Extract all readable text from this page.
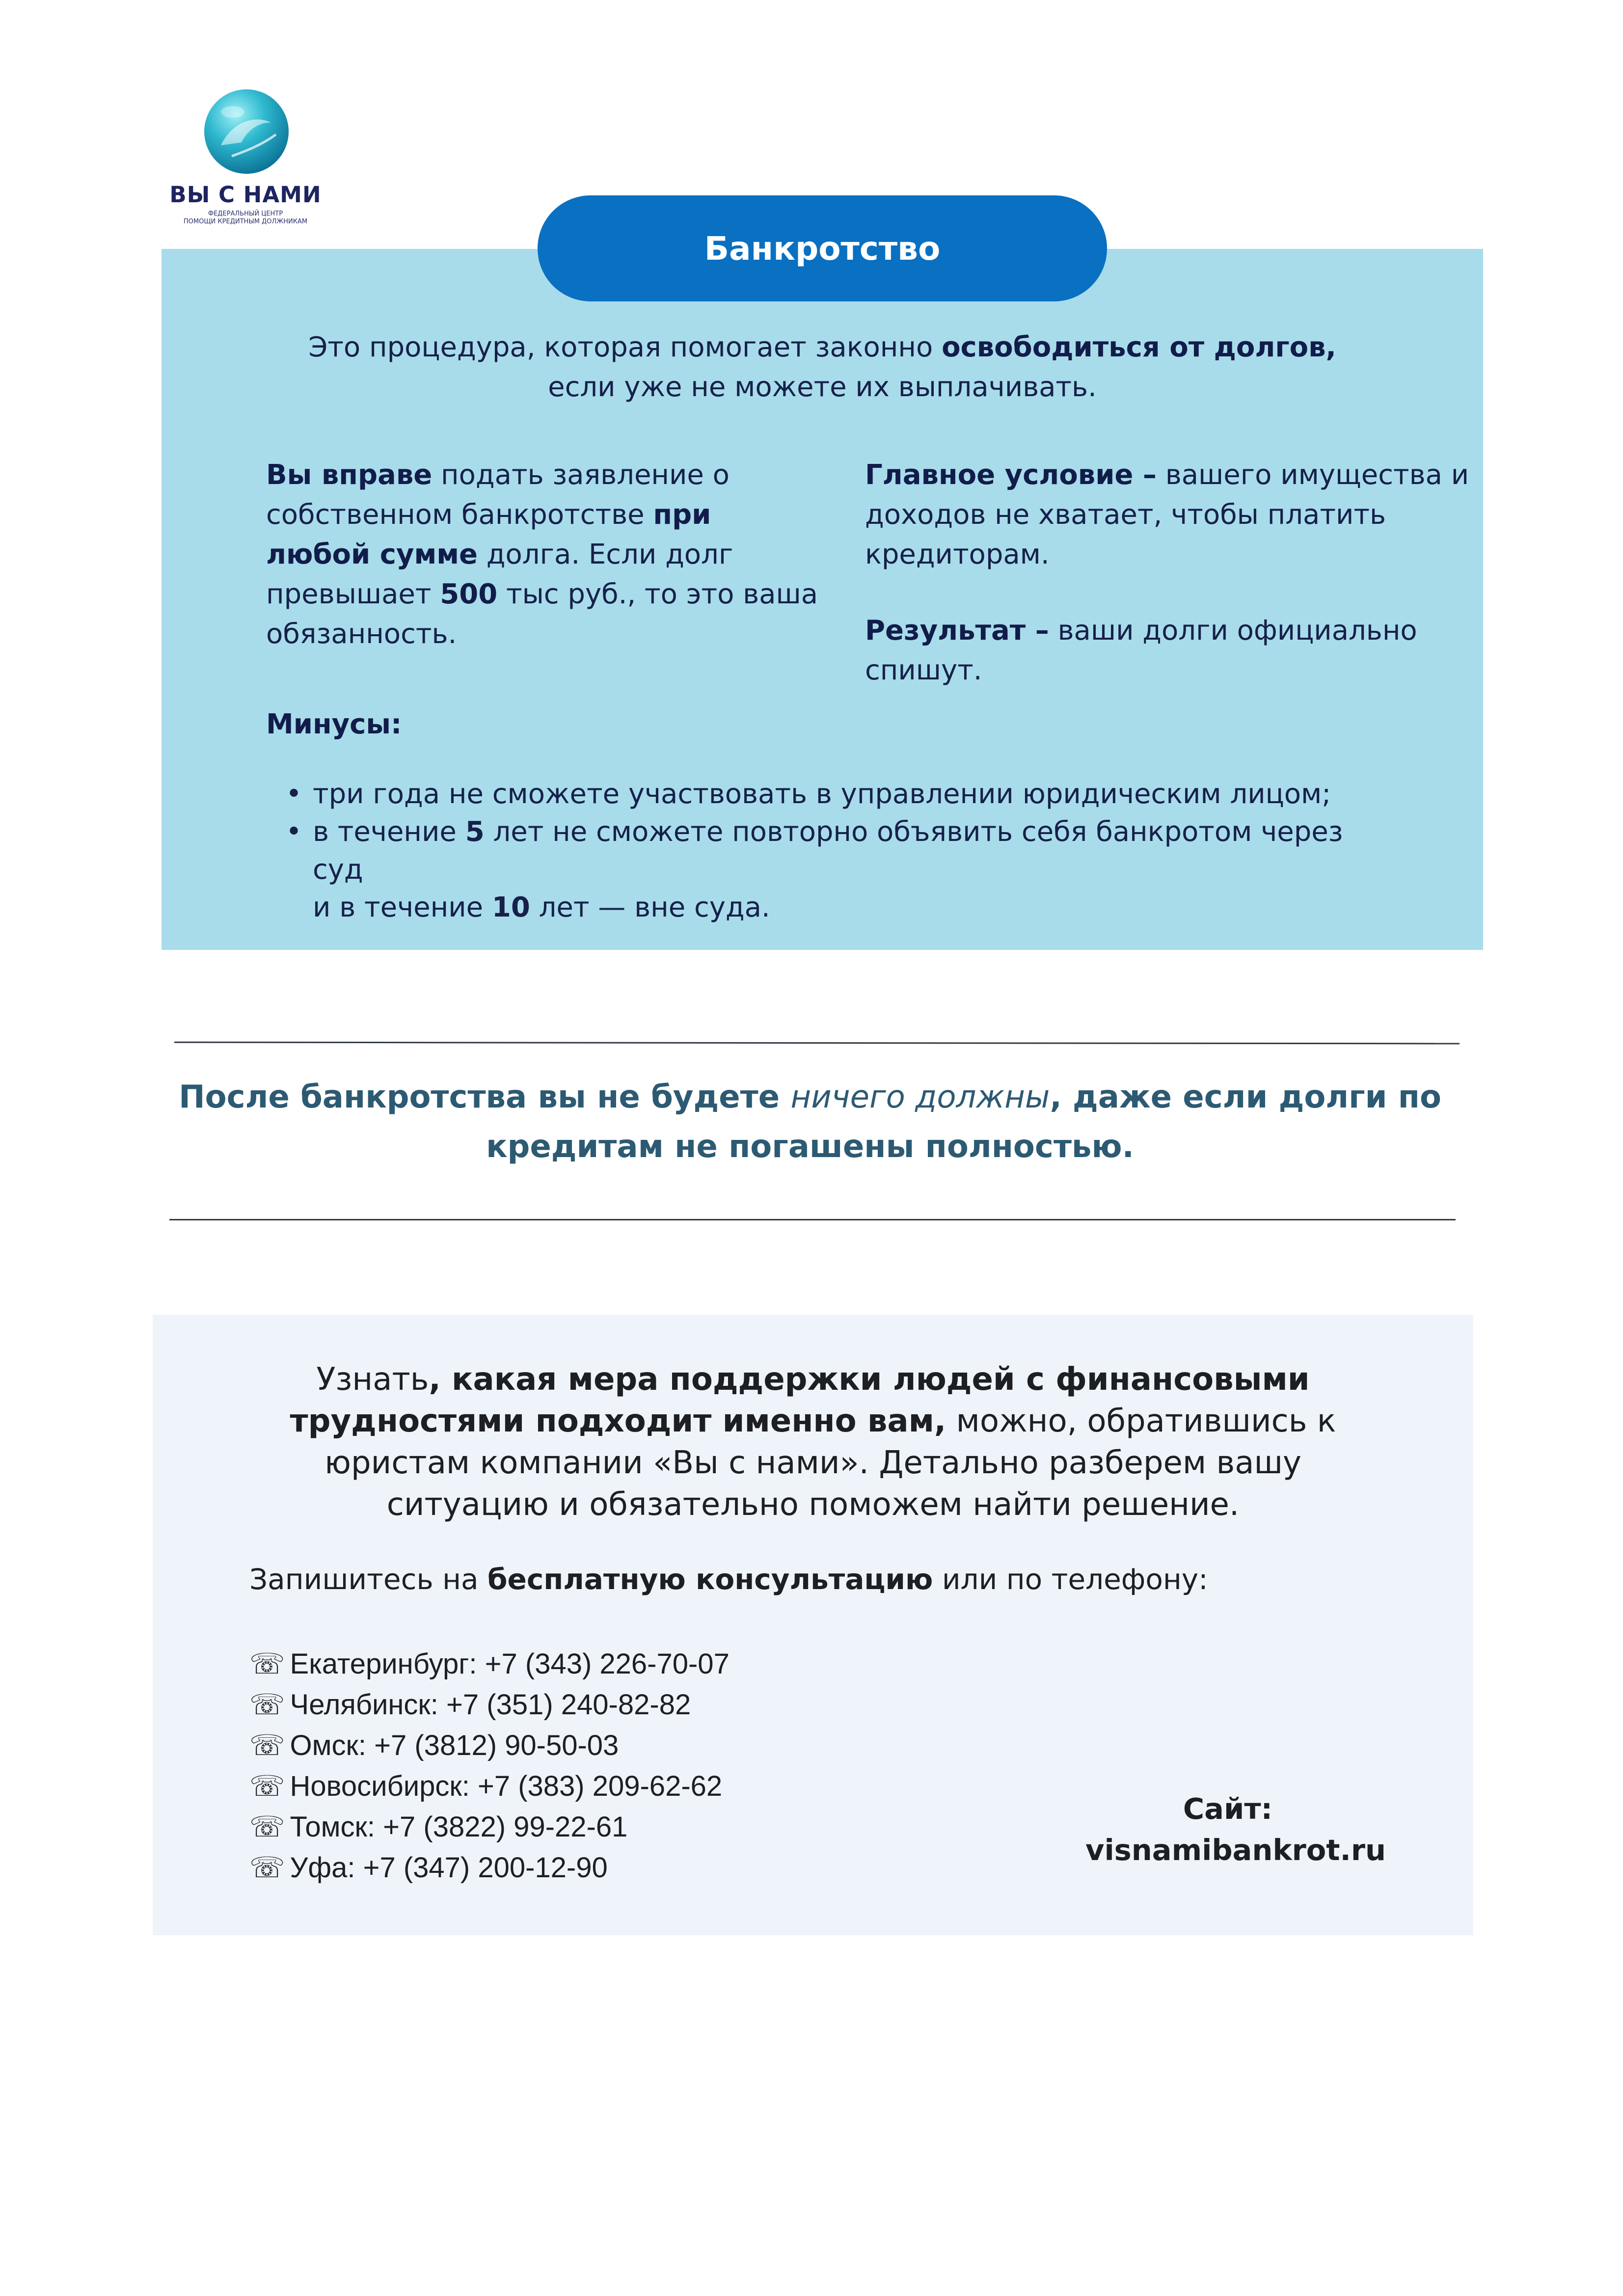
ВЫ С НАМИ
ФЕДЕРАЛЬНЫЙ ЦЕНТР
ПОМОЩИ КРЕДИТНЫМ ДОЛЖНИКАМ
Это процедура, которая помогает законно освободиться от долгов,
если уже не можете их выплачивать.
Вы вправе подать заявление о собственном банкротстве при любой сумме долга. Если долг превышает 500 тыс руб., то это ваша обязанность.

Главное условие – вашего имущества и доходов не хватает, чтобы платить кредиторам.

Результат – ваши долги официально спишут.

Минусы:
• три года не сможете участвовать в управлении юридическим лицом;
• в течение 5 лет не сможете повторно объявить себя банкротом через суд
и в течение 10 лет — вне суда.
Банкротство
После банкротства вы не будете ничего должны, даже если долги по
кредитам не погашены полностью.
Узнать, какая мера поддержки людей с финансовыми трудностями подходит именно вам, можно, обратившись к юристам компании «Вы с нами». Детально разберем вашу ситуацию и обязательно поможем найти решение.
Запишитесь на бесплатную консультацию или по телефону:
☏ Екатеринбург: +7 (343) 226-70-07
☏ Челябинск: +7 (351) 240-82-82
☏ Омск: +7 (3812) 90-50-03
☏ Новосибирск: +7 (383) 209-62-62
☏ Томск: +7 (3822) 99-22-61
☏ Уфа: +7 (347) 200-12-90
Сайт:
visnamibankrot.ru
